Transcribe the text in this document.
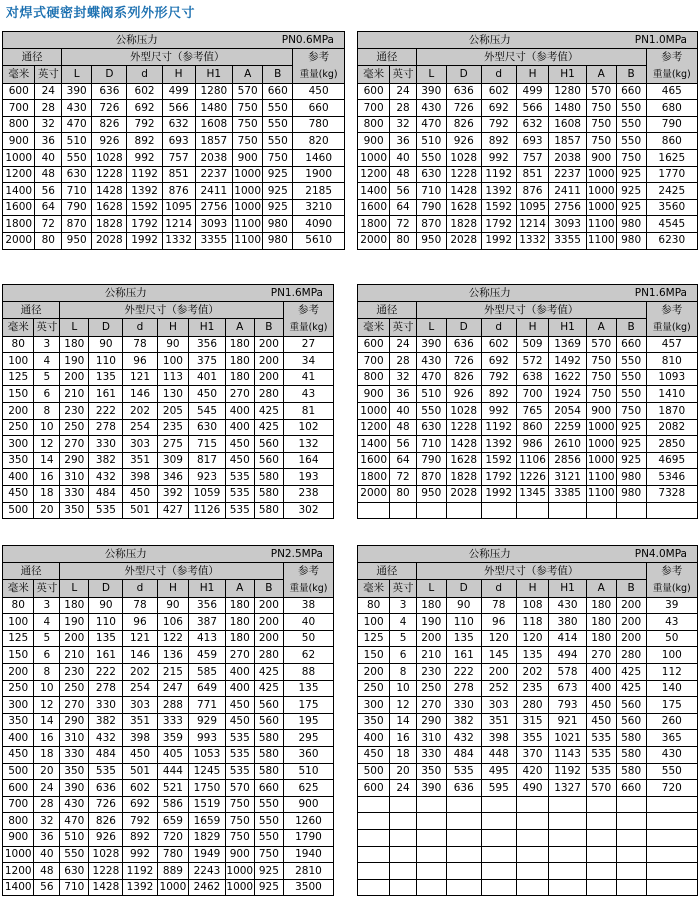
对焊式硬密封蝶阀系列外形尺寸
公称压力 PN0.6MPa									

通径		外型尺寸（参考值）							参考
重量(kg)

毫米	英寸	L	D	d	H	H1	A	B	
600	24	390	636	602	499	1280	570	660	450
700	28	430	726	692	566	1480	750	550	660
800	32	470	826	792	632	1608	750	550	780
900	36	510	926	892	693	1857	750	550	820
1000	40	550	1028	992	757	2038	900	750	1460
1200	48	630	1228	1192	851	2237	1000	925	1900
1400	56	710	1428	1392	876	2411	1000	925	2185
1600	64	790	1628	1592	1095	2756	1000	925	3210
1800	72	870	1828	1792	1214	3093	1100	980	4090
2000	80	950	2028	1992	1332	3355	1100	980	5610
公称压力 PN1.0MPa									

通径		外型尺寸（参考值）							参考
重量(kg)

毫米	英寸	L	D	d	H	H1	A	B	
600	24	390	636	602	499	1280	570	660	465
700	28	430	726	692	566	1480	750	550	680
800	32	470	826	792	632	1608	750	550	790
900	36	510	926	892	693	1857	750	550	860
1000	40	550	1028	992	757	2038	900	750	1625
1200	48	630	1228	1192	851	2237	1000	925	1770
1400	56	710	1428	1392	876	2411	1000	925	2425
1600	64	790	1628	1592	1095	2756	1000	925	3560
1800	72	870	1828	1792	1214	3093	1100	980	4545
2000	80	950	2028	1992	1332	3355	1100	980	6230
公称压力 PN1.6MPa									

通径		外型尺寸（参考值）							参考
重量(kg)

毫米	英寸	L	D	d	H	H1	A	B	
80	3	180	90	78	90	356	180	200	27
100	4	190	110	96	100	375	180	200	34
125	5	200	135	121	113	401	180	200	41
150	6	210	161	146	130	450	270	280	43
200	8	230	222	202	205	545	400	425	81
250	10	250	278	254	235	630	400	425	102
300	12	270	330	303	275	715	450	560	132
350	14	290	382	351	309	817	450	560	164
400	16	310	432	398	346	923	535	580	193
450	18	330	484	450	392	1059	535	580	238
500	20	350	535	501	427	1126	535	580	302
公称压力 PN1.6MPa									

通径		外型尺寸（参考值）							参考
重量(kg)

毫米	英寸	L	D	d	H	H1	A	B	
600	24	390	636	602	509	1369	570	660	457
700	28	430	726	692	572	1492	750	550	810
800	32	470	826	792	638	1622	750	550	1093
900	36	510	926	892	700	1924	750	550	1410
1000	40	550	1028	992	765	2054	900	750	1870
1200	48	630	1228	1192	860	2259	1000	925	2082
1400	56	710	1428	1392	986	2610	1000	925	2850
1600	64	790	1628	1592	1106	2856	1000	925	4695
1800	72	870	1828	1792	1226	3121	1100	980	5346
2000	80	950	2028	1992	1345	3385	1100	980	7328

公称压力 PN2.5MPa									

通径		外型尺寸（参考值）							参考
重量(kg)

毫米	英寸	L	D	d	H	H1	A	B	
80	3	180	90	78	90	356	180	200	38
100	4	190	110	96	106	387	180	200	40
125	5	200	135	121	122	413	180	200	50
150	6	210	161	146	136	459	270	280	62
200	8	230	222	202	215	585	400	425	88
250	10	250	278	254	247	649	400	425	135
300	12	270	330	303	288	771	450	560	175
350	14	290	382	351	333	929	450	560	195
400	16	310	432	398	359	993	535	580	295
450	18	330	484	450	405	1053	535	580	360
500	20	350	535	501	444	1245	535	580	510
600	24	390	636	602	521	1750	570	660	625
700	28	430	726	692	586	1519	750	550	900
800	32	470	826	792	659	1659	750	550	1260
900	36	510	926	892	720	1829	750	550	1790
1000	40	550	1028	992	780	1949	900	750	1940
1200	48	630	1228	1192	889	2243	1000	925	2810
1400	56	710	1428	1392	1000	2462	1000	925	3500
公称压力 PN4.0MPa									

通径		外型尺寸（参考值）							参考
重量(kg)

毫米	英寸	L	D	d	H	H1	A	B	
80	3	180	90	78	108	430	180	200	39
100	4	190	110	96	118	380	180	200	43
125	5	200	135	120	120	414	180	200	50
150	6	210	161	145	135	494	270	280	100
200	8	230	222	200	202	578	400	425	112
250	10	250	278	252	235	673	400	425	140
300	12	270	330	303	280	793	450	560	175
350	14	290	382	351	315	921	450	560	260
400	16	310	432	398	355	1021	535	580	365
450	18	330	484	448	370	1143	535	580	430
500	20	350	535	495	420	1192	535	580	550
600	24	390	636	595	490	1327	570	660	720
